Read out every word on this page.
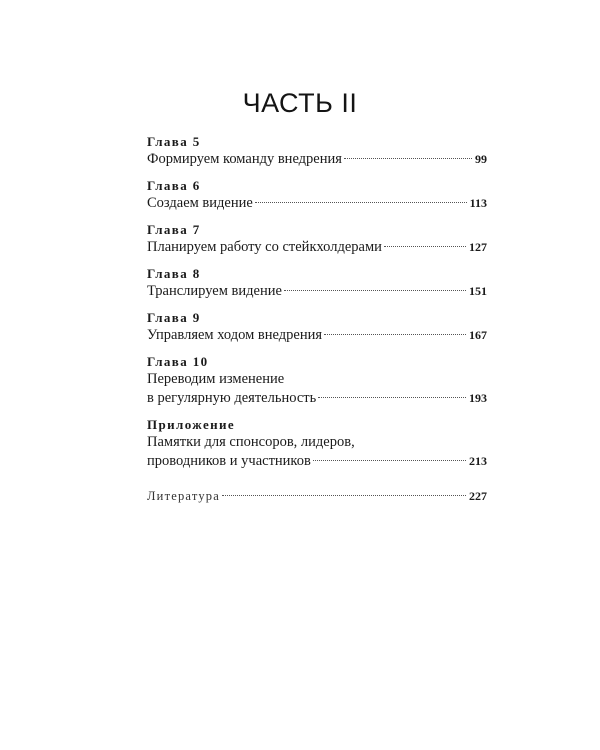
ЧАСТЬ II
Глава 5
Формируем команду внедрения	99
Глава 6
Создаем видение	113
Глава 7
Планируем работу со стейкхолдерами	127
Глава 8
Транслируем видение	151
Глава 9
Управляем ходом внедрения	167
Глава 10
Переводим изменение
в регулярную деятельность	193
Приложение
Памятки для спонсоров, лидеров,
проводников и участников	213
Литература	227
